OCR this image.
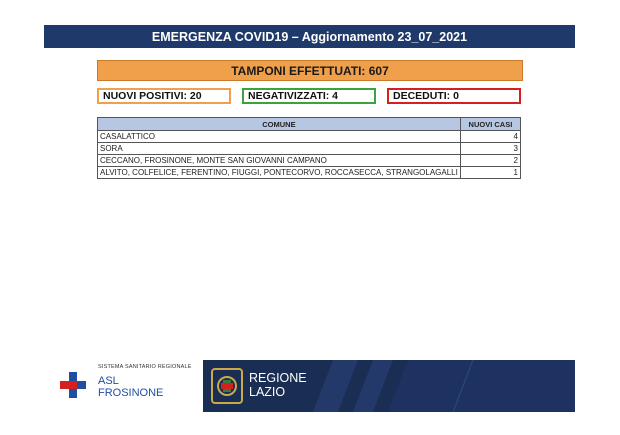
EMERGENZA COVID19 – Aggiornamento 23_07_2021
TAMPONI EFFETTUATI: 607
NUOVI POSITIVI: 20	NEGATIVIZZATI: 4	DECEDUTI: 0
COMUNE	NUOVI CASI
CASALATTICO	4
SORA	3
CECCANO, FROSINONE, MONTE SAN GIOVANNI CAMPANO	2
ALVITO, COLFELICE, FERENTINO, FIUGGI, PONTECORVO, ROCCASECCA, STRANGOLAGALLI	1
SISTEMA SANITARIO REGIONALE
ASL
FROSINONE
REGIONE
LAZIO
